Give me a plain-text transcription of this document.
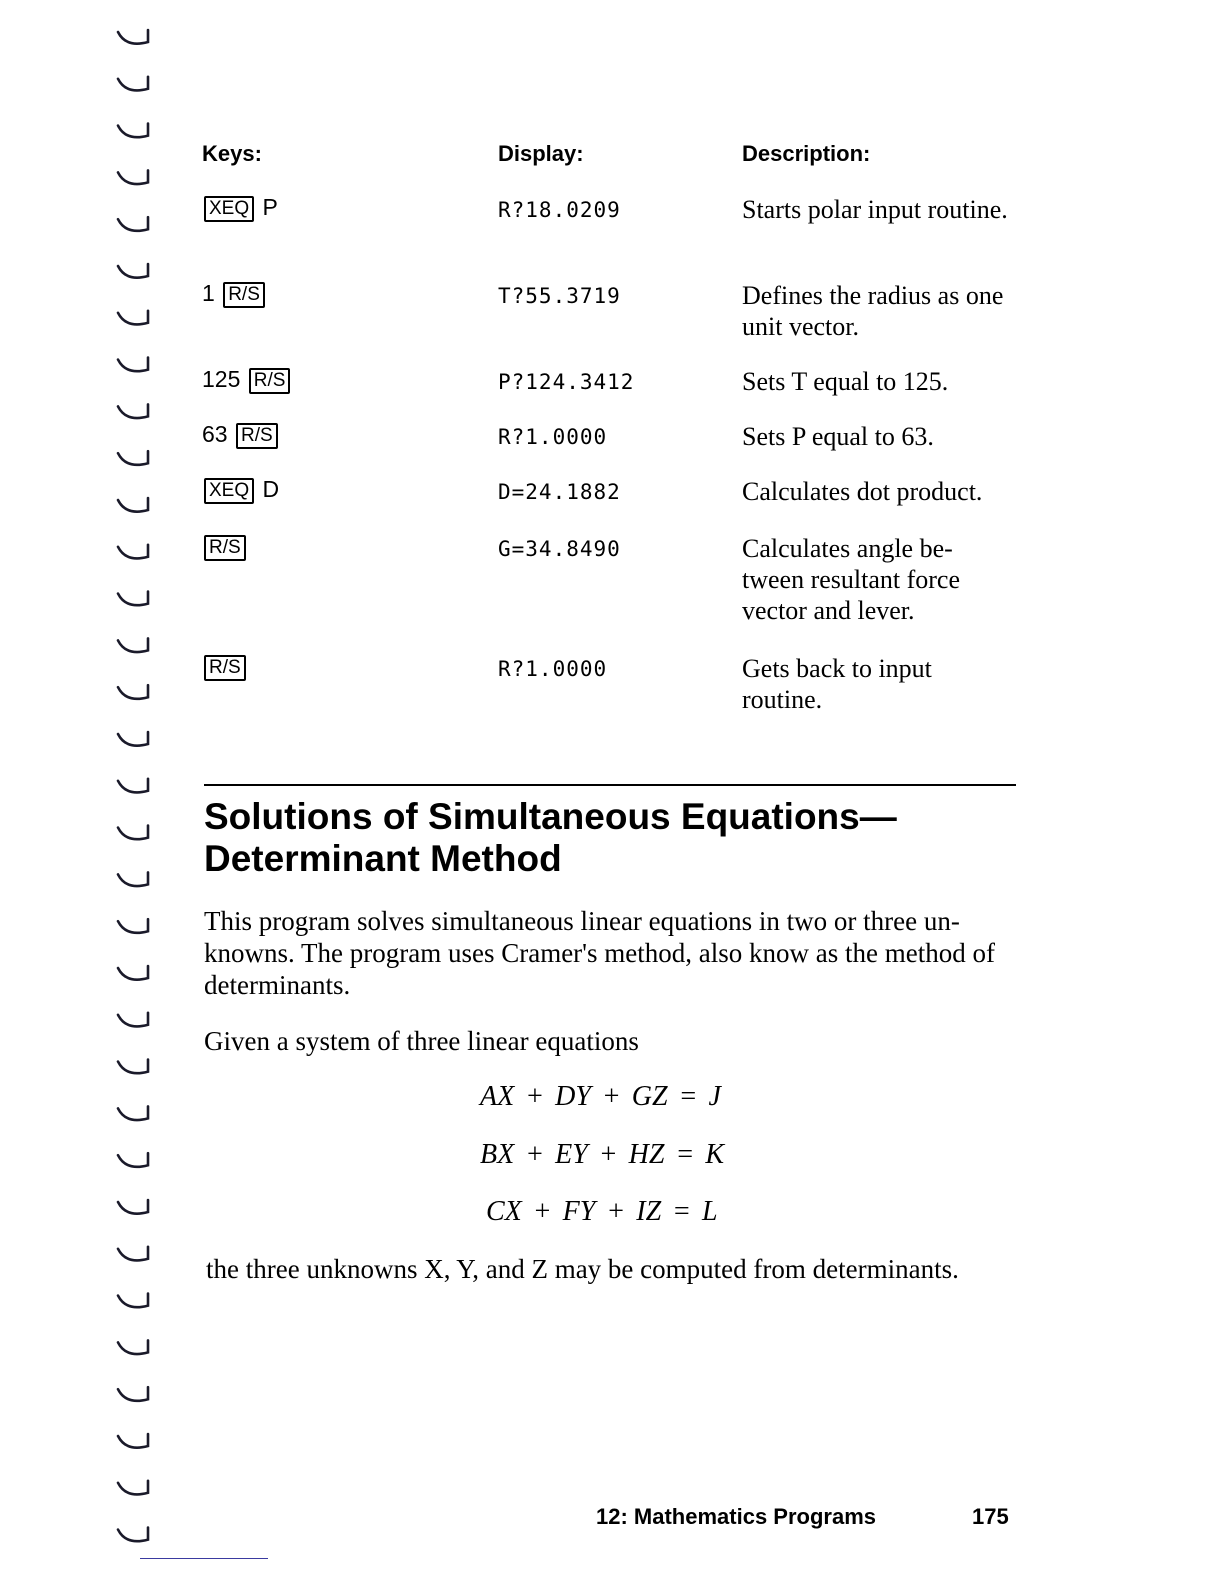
Keys:	Display:	Description:
XEQ P	R?18.0209	Starts polar input routine.
1 R/S	T?55.3719	Defines the radius as one unit vector.
125 R/S	P?124.3412	Sets T equal to 125.
63 R/S	R?1.0000	Sets P equal to 63.
XEQ D	D=24.1882	Calculates dot product.
R/S	G=34.8490	Calculates angle be- tween resultant force vector and lever.
R/S	R?1.0000	Gets back to input routine.
Solutions of Simultaneous Equations— Determinant Method

This program solves simultaneous linear equations in two or three un- knowns. The program uses Cramer's method, also know as the method of determinants.

Given a system of three linear equations

AX + DY + GZ = J
BX + EY + HZ = K
CX + FY + IZ = L

the three unknowns X, Y, and Z may be computed from determinants.

12: Mathematics Programs	175
